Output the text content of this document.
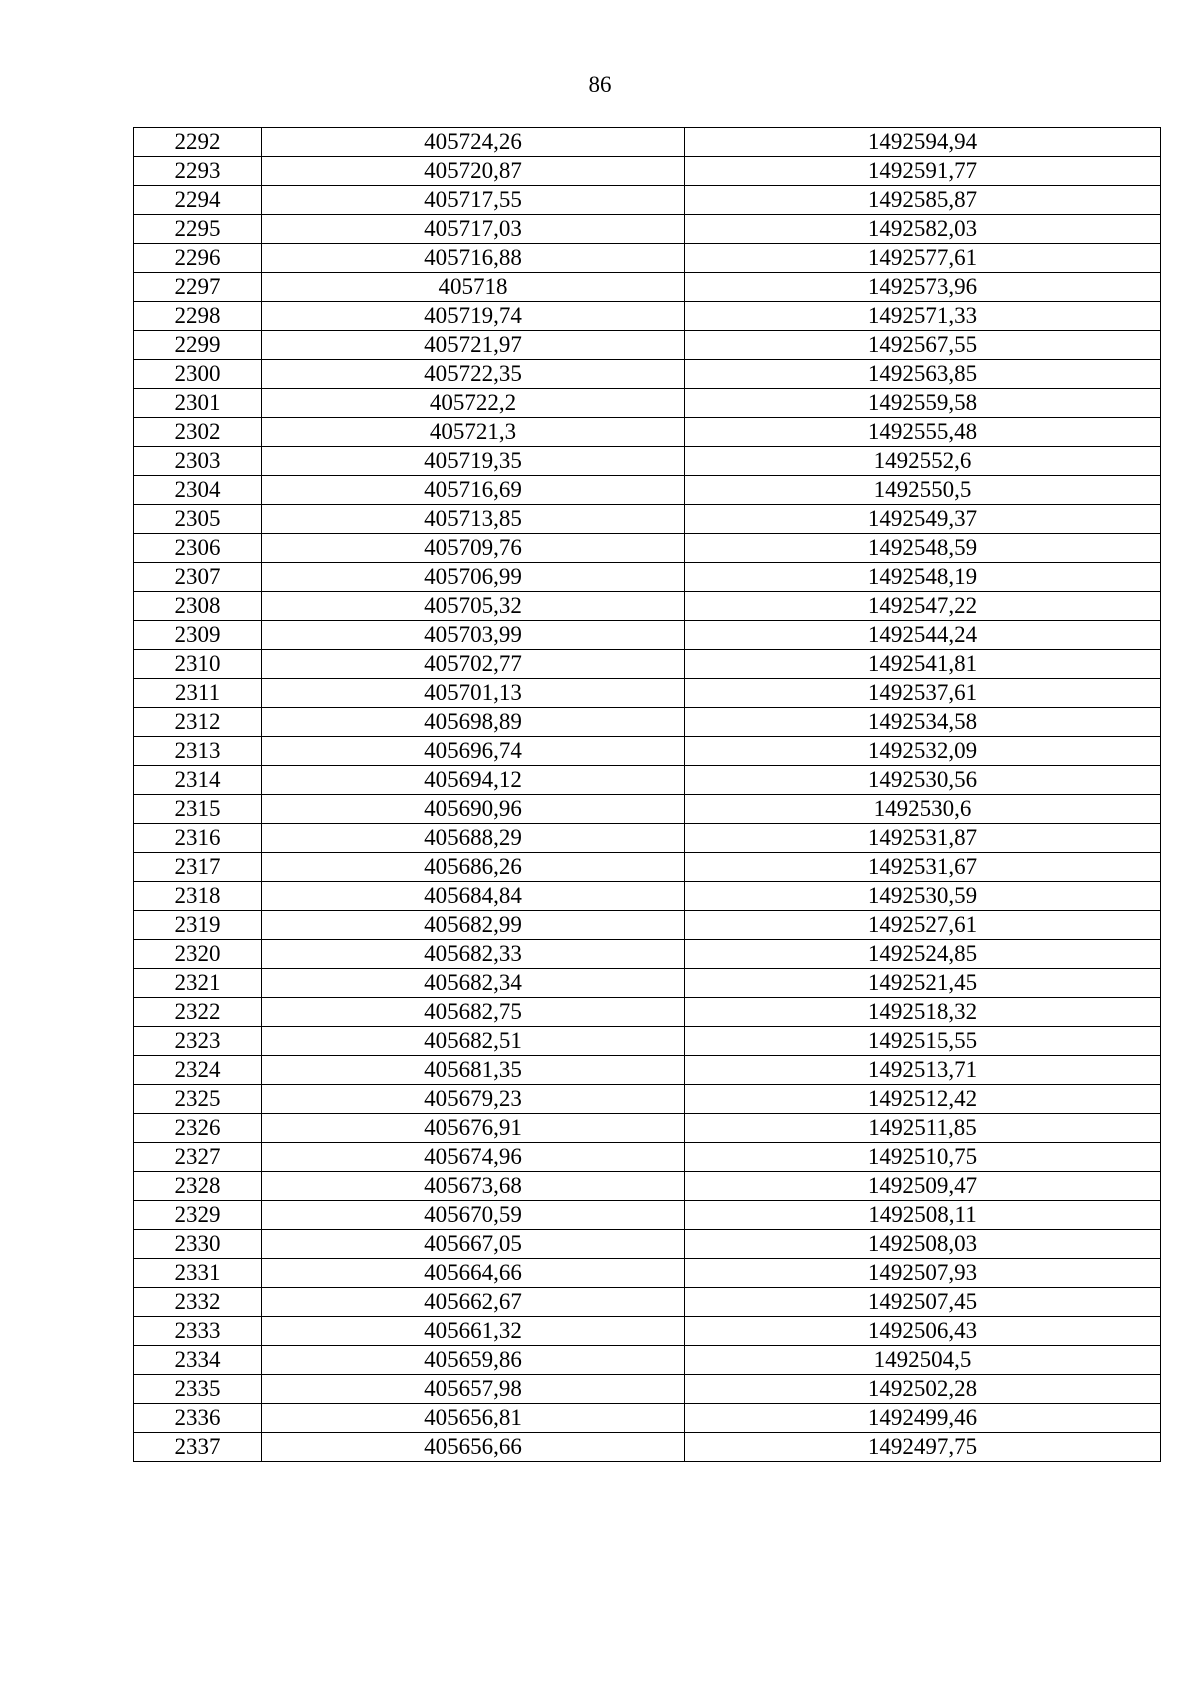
86
2292	405724,26	1492594,94
2293	405720,87	1492591,77
2294	405717,55	1492585,87
2295	405717,03	1492582,03
2296	405716,88	1492577,61
2297	405718	1492573,96
2298	405719,74	1492571,33
2299	405721,97	1492567,55
2300	405722,35	1492563,85
2301	405722,2	1492559,58
2302	405721,3	1492555,48
2303	405719,35	1492552,6
2304	405716,69	1492550,5
2305	405713,85	1492549,37
2306	405709,76	1492548,59
2307	405706,99	1492548,19
2308	405705,32	1492547,22
2309	405703,99	1492544,24
2310	405702,77	1492541,81
2311	405701,13	1492537,61
2312	405698,89	1492534,58
2313	405696,74	1492532,09
2314	405694,12	1492530,56
2315	405690,96	1492530,6
2316	405688,29	1492531,87
2317	405686,26	1492531,67
2318	405684,84	1492530,59
2319	405682,99	1492527,61
2320	405682,33	1492524,85
2321	405682,34	1492521,45
2322	405682,75	1492518,32
2323	405682,51	1492515,55
2324	405681,35	1492513,71
2325	405679,23	1492512,42
2326	405676,91	1492511,85
2327	405674,96	1492510,75
2328	405673,68	1492509,47
2329	405670,59	1492508,11
2330	405667,05	1492508,03
2331	405664,66	1492507,93
2332	405662,67	1492507,45
2333	405661,32	1492506,43
2334	405659,86	1492504,5
2335	405657,98	1492502,28
2336	405656,81	1492499,46
2337	405656,66	1492497,75
